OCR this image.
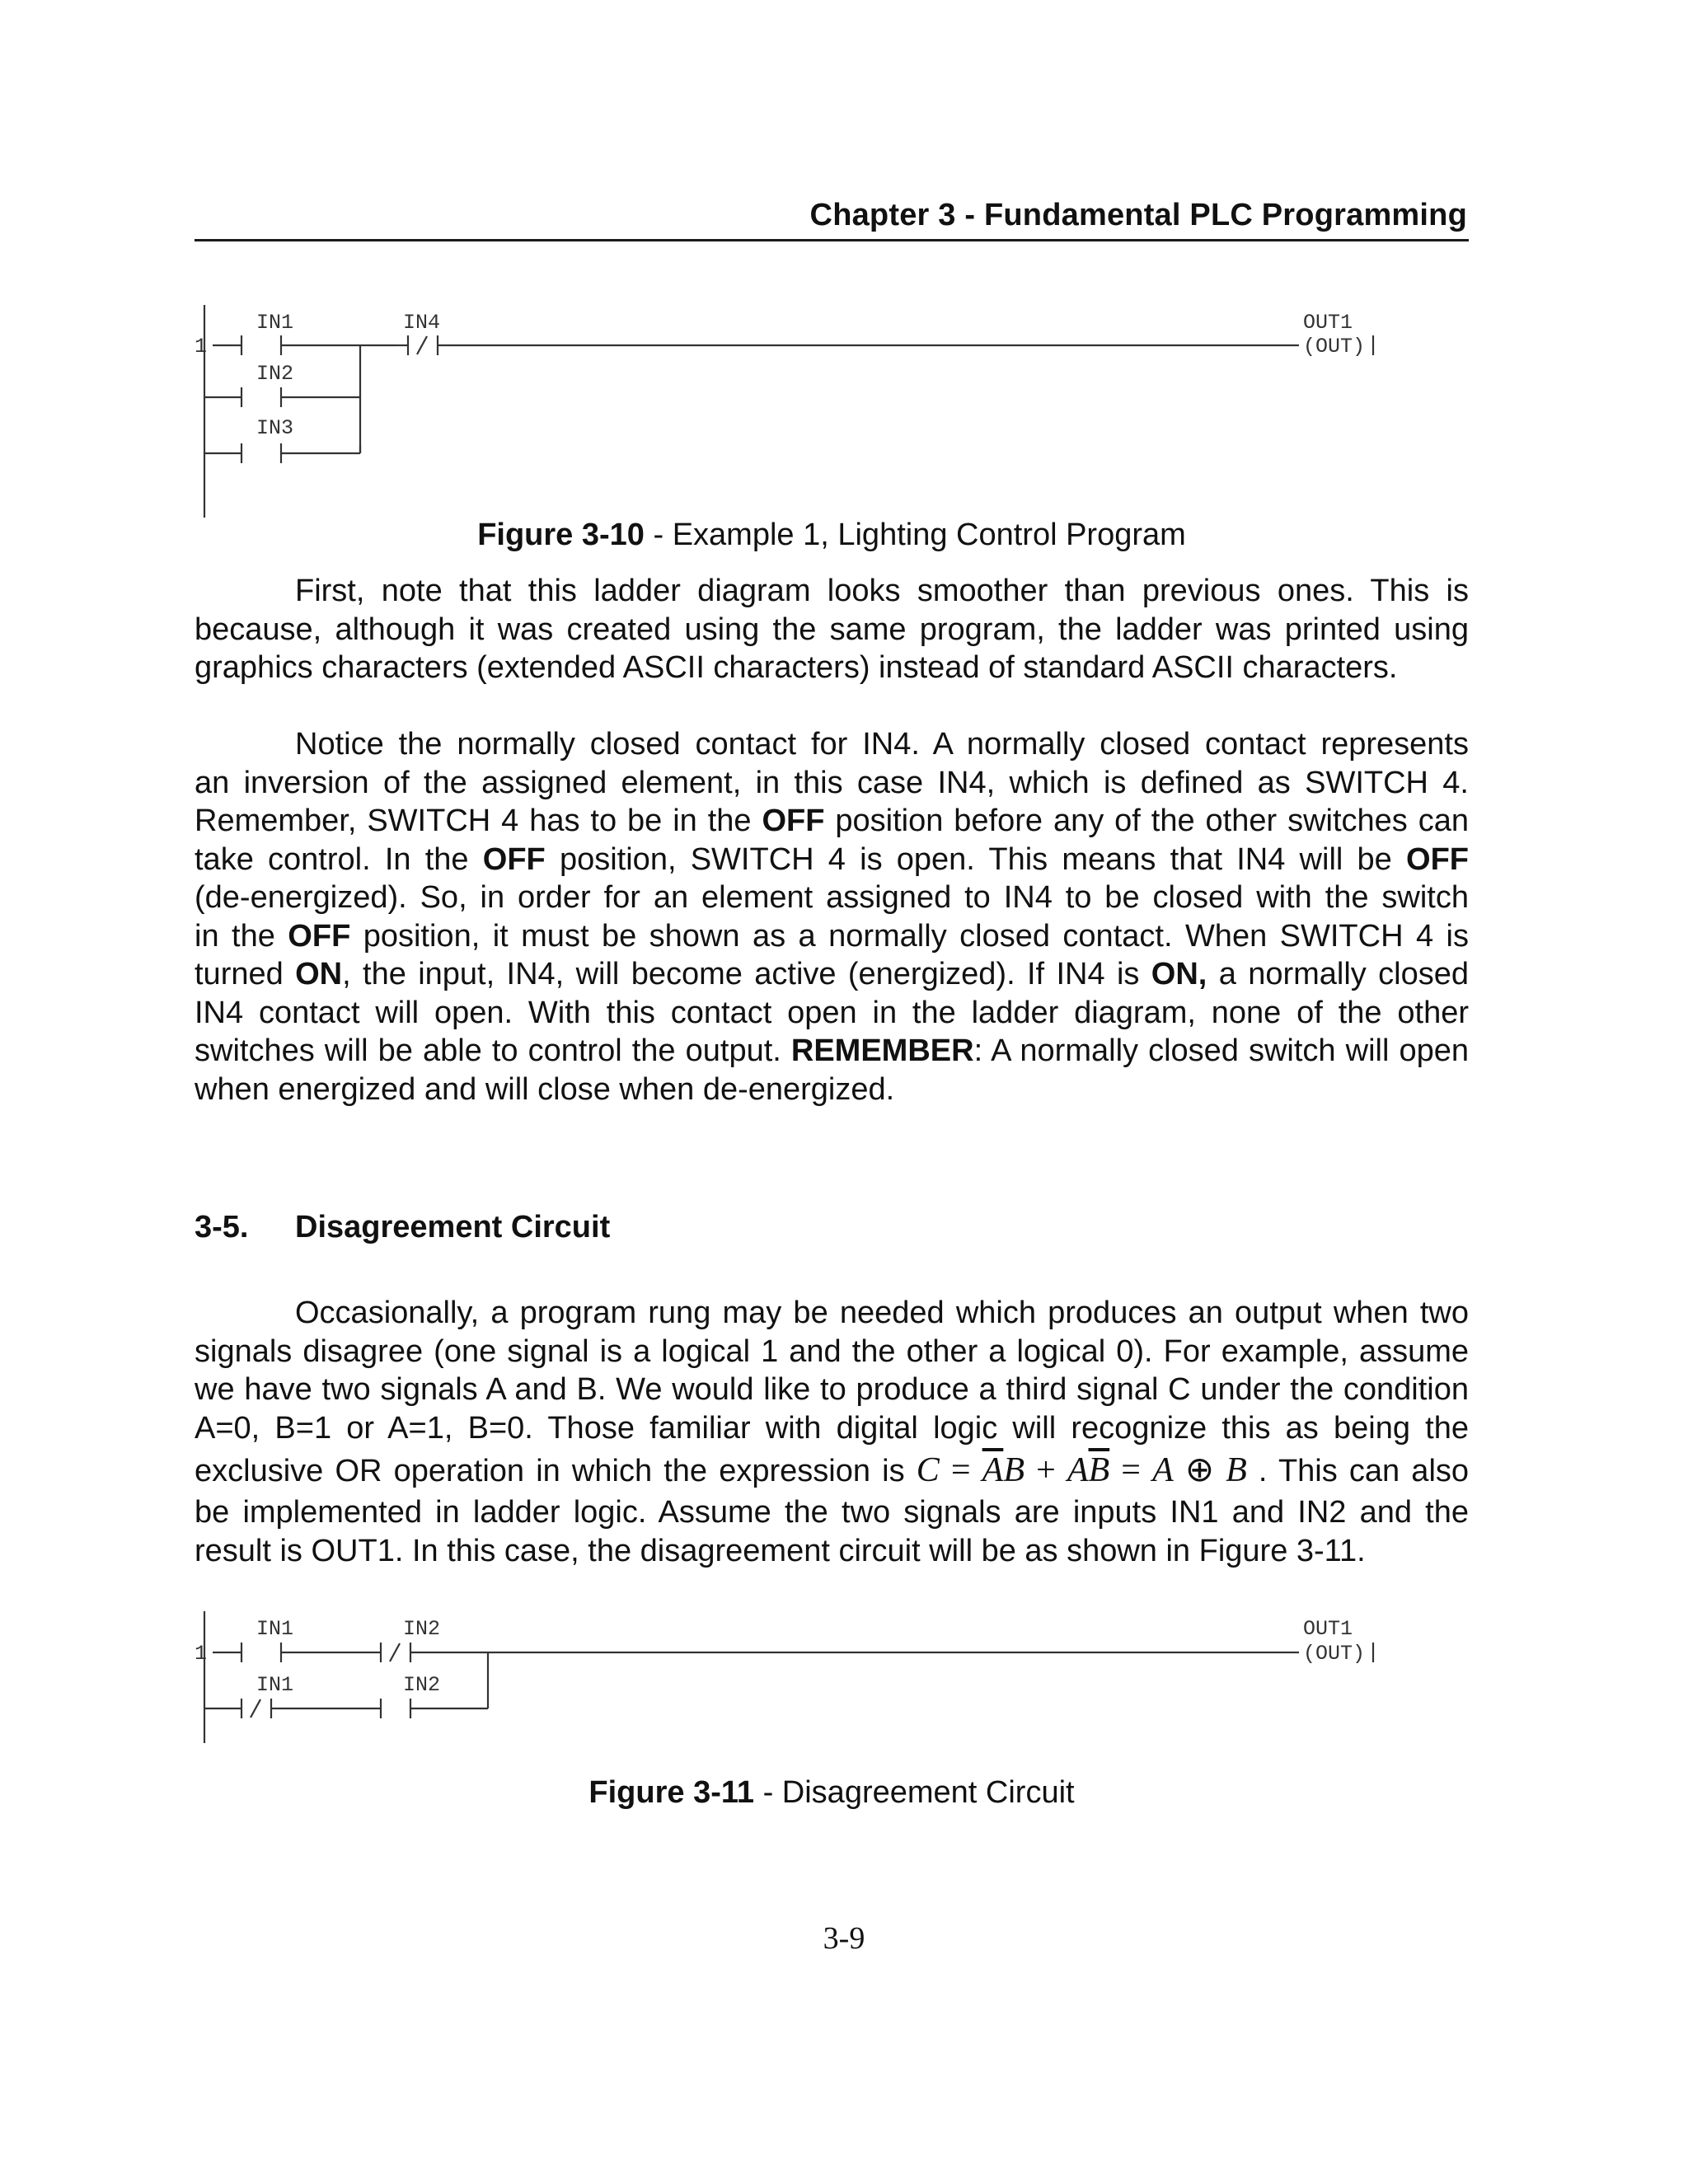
Chapter 3 - Fundamental PLC Programming
1
IN1	IN4
IN2
IN3
OUT1
(OUT)
Figure 3-10 - Example 1, Lighting Control Program
First, note that this ladder diagram looks smoother than previous ones. This is
because, although it was created using the same program, the ladder was printed using
graphics characters (extended ASCII characters) instead of standard ASCII characters.
Notice the normally closed contact for IN4. A normally closed contact represents
an inversion of the assigned element, in this case IN4, which is defined as SWITCH 4.
Remember, SWITCH 4 has to be in the OFF position before any of the other switches can
take control. In the OFF position, SWITCH 4 is open. This means that IN4 will be OFF
(de-energized). So, in order for an element assigned to IN4 to be closed with the switch
in the OFF position, it must be shown as a normally closed contact. When SWITCH 4 is
turned ON, the input, IN4, will become active (energized). If IN4 is ON, a normally closed
IN4 contact will open. With this contact open in the ladder diagram, none of the other
switches will be able to control the output. REMEMBER: A normally closed switch will open
when energized and will close when de-energized.
3-5. Disagreement Circuit
Occasionally, a program rung may be needed which produces an output when two
signals disagree (one signal is a logical 1 and the other a logical 0). For example, assume
we have two signals A and B. We would like to produce a third signal C under the condition
A=0, B=1 or A=1, B=0. Those familiar with digital logic will recognize this as being the
exclusive OR operation in which the expression is $C = \overline{A}B + A\overline{B} = A$ ⊕ B . This can also
be implemented in ladder logic. Assume the two signals are inputs IN1 and IN2 and the
result is OUT1. In this case, the disagreement circuit will be as shown in Figure 3-11.
1
IN1	IN2
IN1	IN2
OUT1
(OUT)
Figure 3-11 - Disagreement Circuit
3-9
